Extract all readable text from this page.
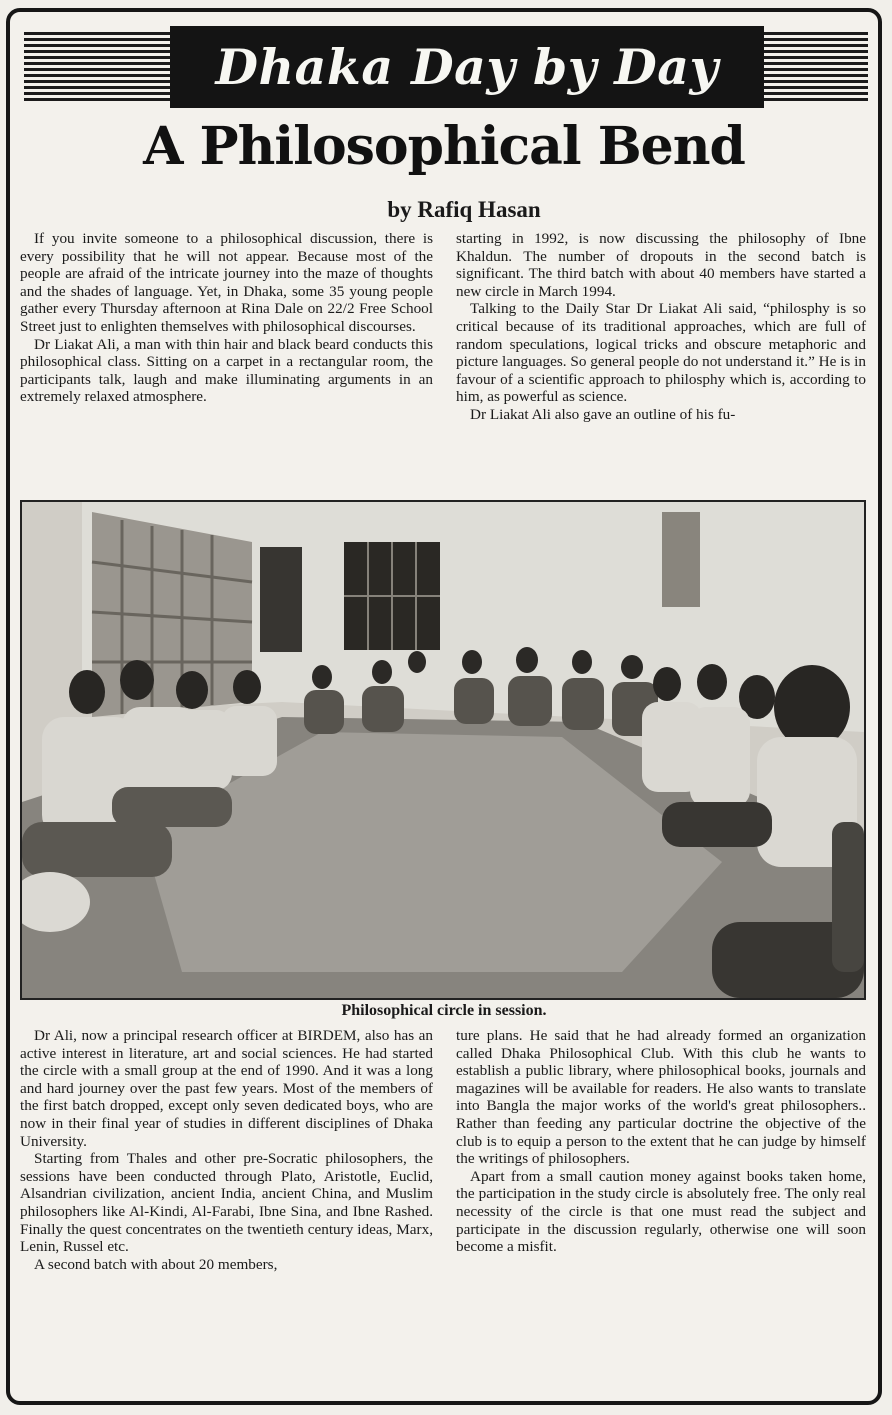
Dhaka Day by Day
A Philosophical Bend
by Rafiq Hasan

If you invite someone to a philosophical discussion, there is every possibility that he will not appear. Because most of the people are afraid of the intricate journey into the maze of thoughts and the shades of language. Yet, in Dhaka, some 35 young people gather every Thursday afternoon at Rina Dale on 22/2 Free School Street just to enlighten themselves with philosophical discourses.

Dr Liakat Ali, a man with thin hair and black beard conducts this philosophical class. Sitting on a carpet in a rectangular room, the participants talk, laugh and make illuminating arguments in an extremely relaxed atmosphere.

starting in 1992, is now discussing the philosophy of Ibne Khaldun. The number of dropouts in the second batch is significant. The third batch with about 40 members have started a new circle in March 1994.

Talking to the Daily Star Dr Liakat Ali said, “philosphy is so critical because of its traditional approaches, which are full of random speculations, logical tricks and obscure metaphoric and picture languages. So general people do not understand it.” He is in favour of a scientific approach to philosphy which is, according to him, as powerful as science.

Dr Liakat Ali also gave an outline of his fu-

Philosophical circle in session.

Dr Ali, now a principal research officer at BIRDEM, also has an active interest in literature, art and social sciences. He had started the circle with a small group at the end of 1990. And it was a long and hard journey over the past few years. Most of the members of the first batch dropped, except only seven dedicated boys, who are now in their final year of studies in different disciplines of Dhaka University.

Starting from Thales and other pre-Socratic philosophers, the sessions have been conducted through Plato, Aristotle, Euclid, Alsandrian civilization, ancient India, ancient China, and Muslim philosophers like Al-Kindi, Al-Farabi, Ibne Sina, and Ibne Rashed. Finally the quest concentrates on the twentieth century ideas, Marx, Lenin, Russel etc.

A second batch with about 20 members,

ture plans. He said that he had already formed an organization called Dhaka Philosophical Club. With this club he wants to establish a public library, where philosophical books, journals and magazines will be available for readers. He also wants to translate into Bangla the major works of the world's great philosophers.. Rather than feeding any particular doctrine the objective of the club is to equip a person to the extent that he can judge by himself the writings of philosophers.

Apart from a small caution money against books taken home, the participation in the study circle is absolutely free. The only real necessity of the circle is that one must read the subject and participate in the discussion regularly, otherwise one will soon become a misfit.
